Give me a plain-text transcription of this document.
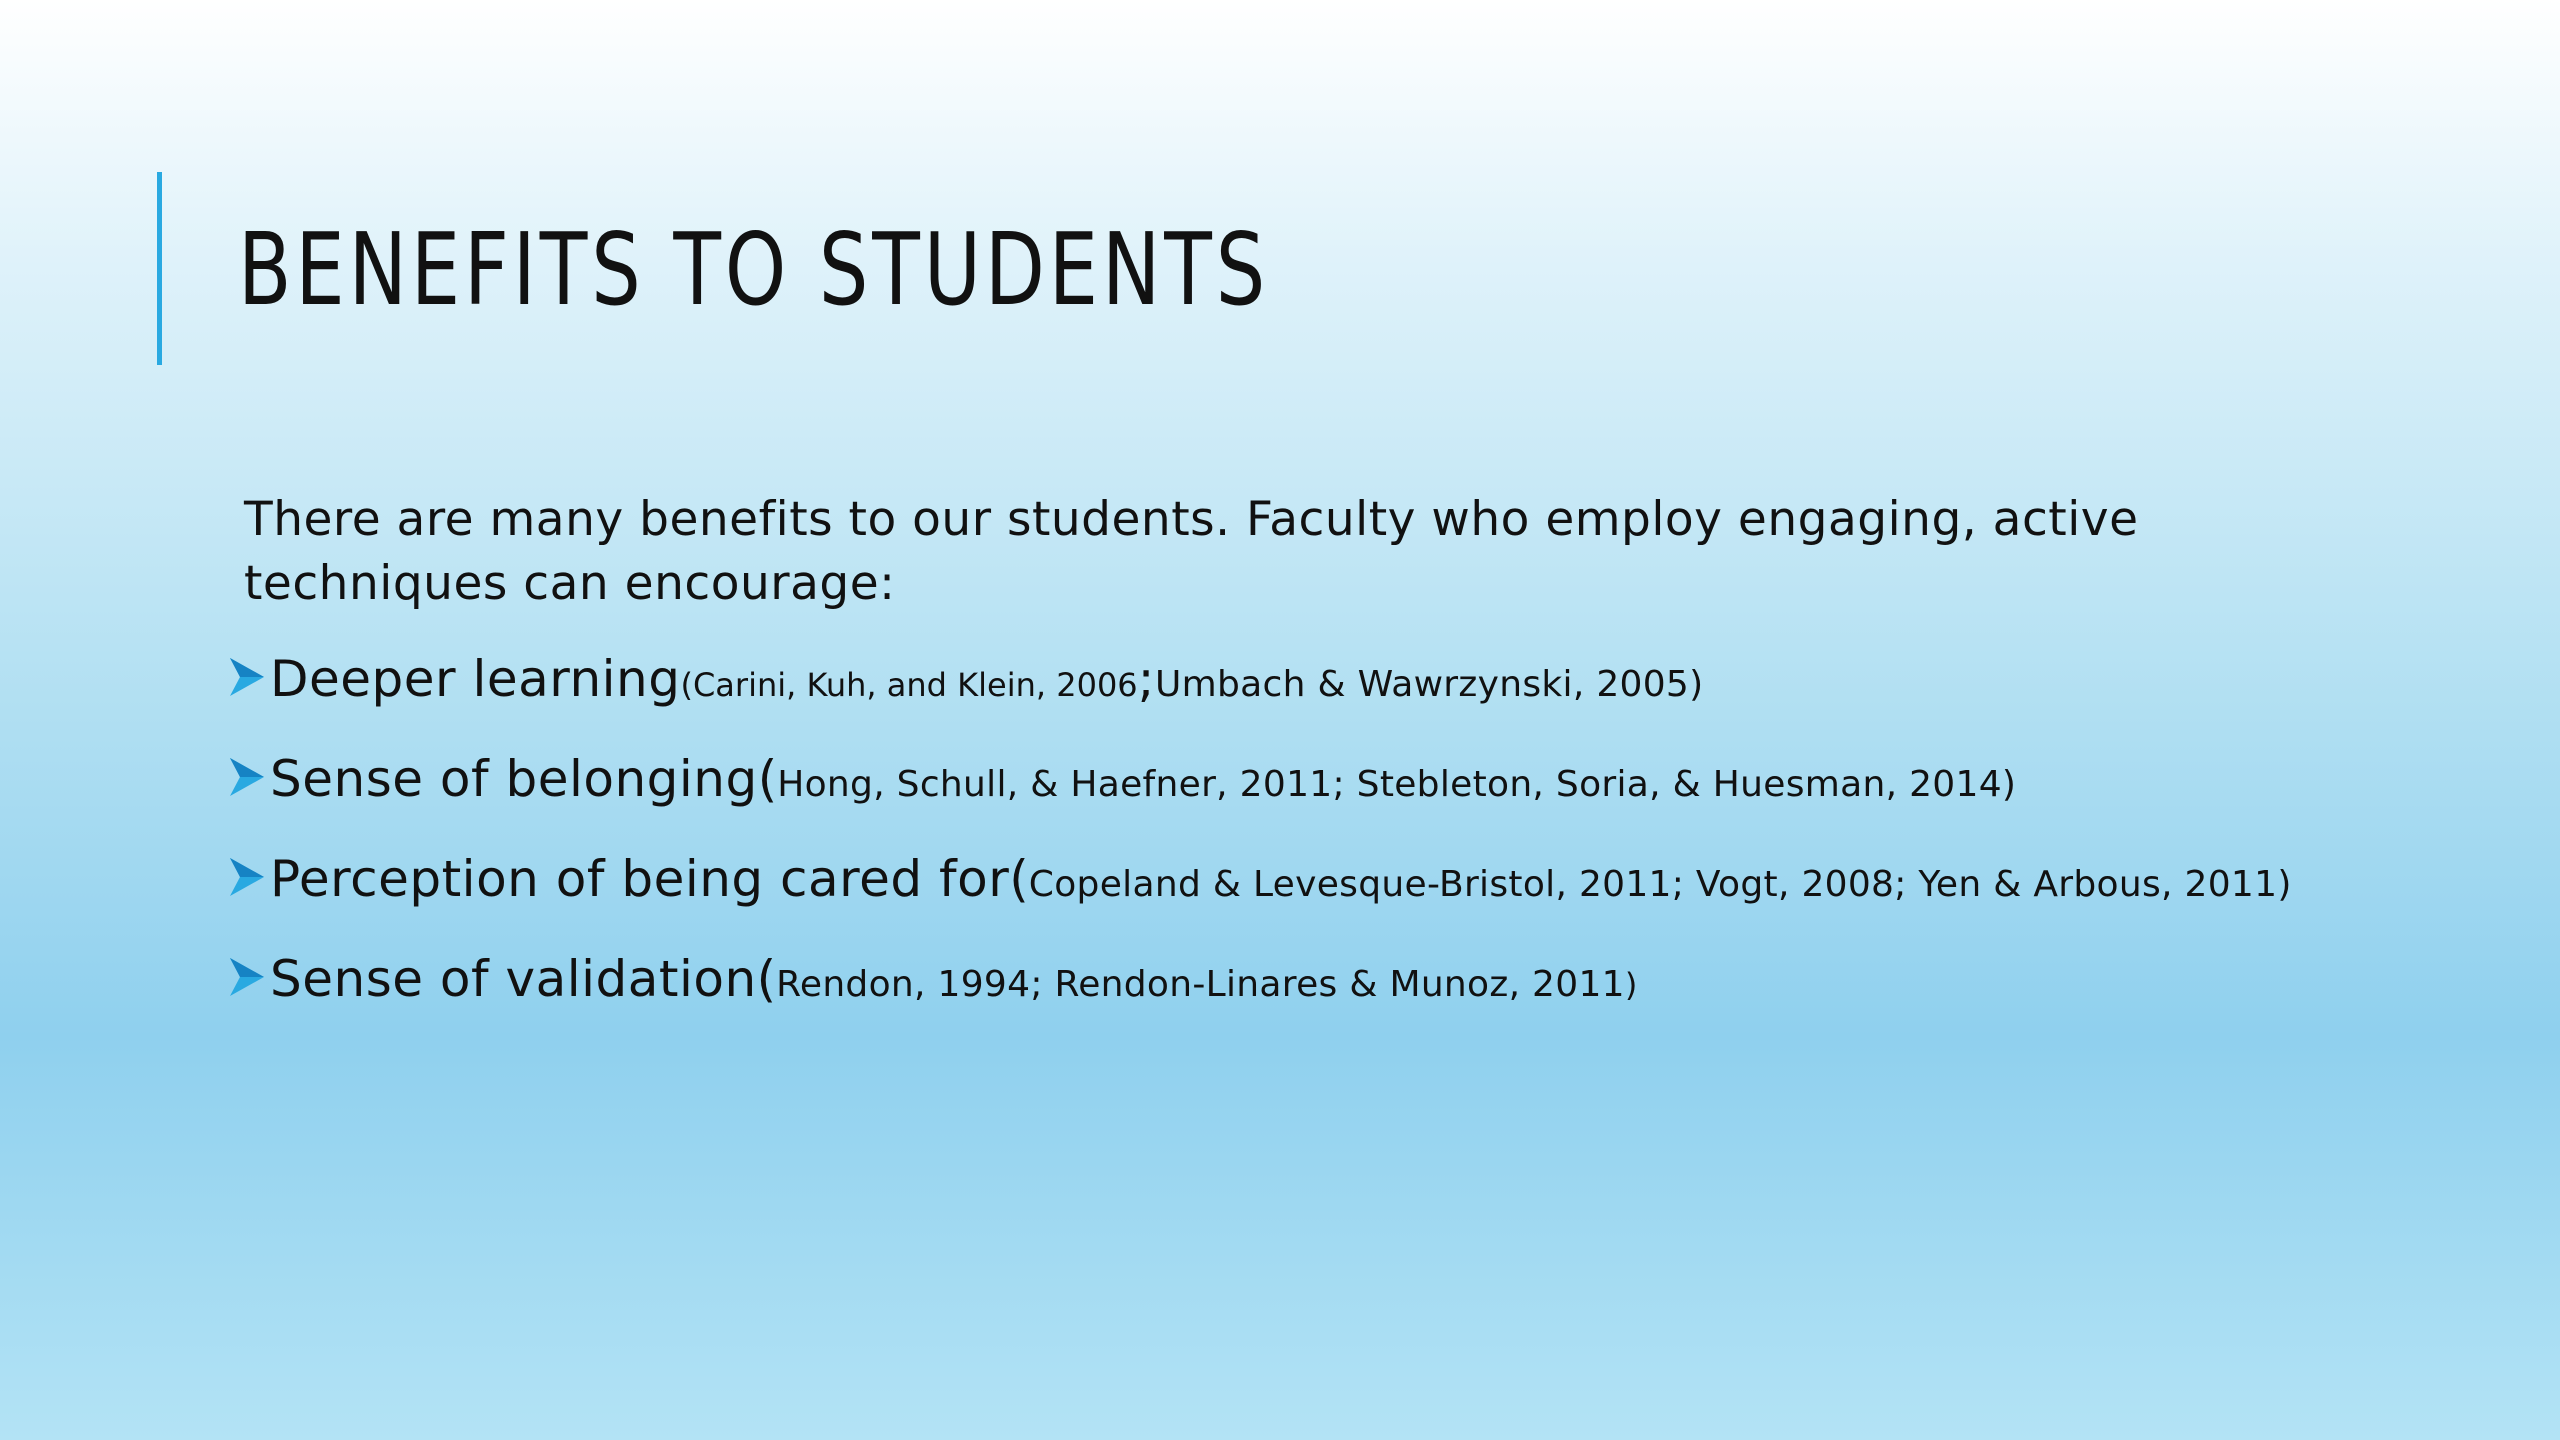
BENEFITS TO STUDENTS
There are many benefits to our students. Faculty who employ engaging, active
techniques can encourage:
Deeper learning (Carini, Kuh, and Klein, 2006 ; Umbach & Wawrzynski, 2005)
Sense of belonging ( Hong, Schull, & Haefner, 2011; Stebleton, Soria, & Huesman, 2014)
Perception of being cared for ( Copeland & Levesque-Bristol, 2011; Vogt, 2008; Yen & Arbous, 2011)
Sense of validation ( Rendon, 1994; Rendon-Linares & Munoz, 2011 )
